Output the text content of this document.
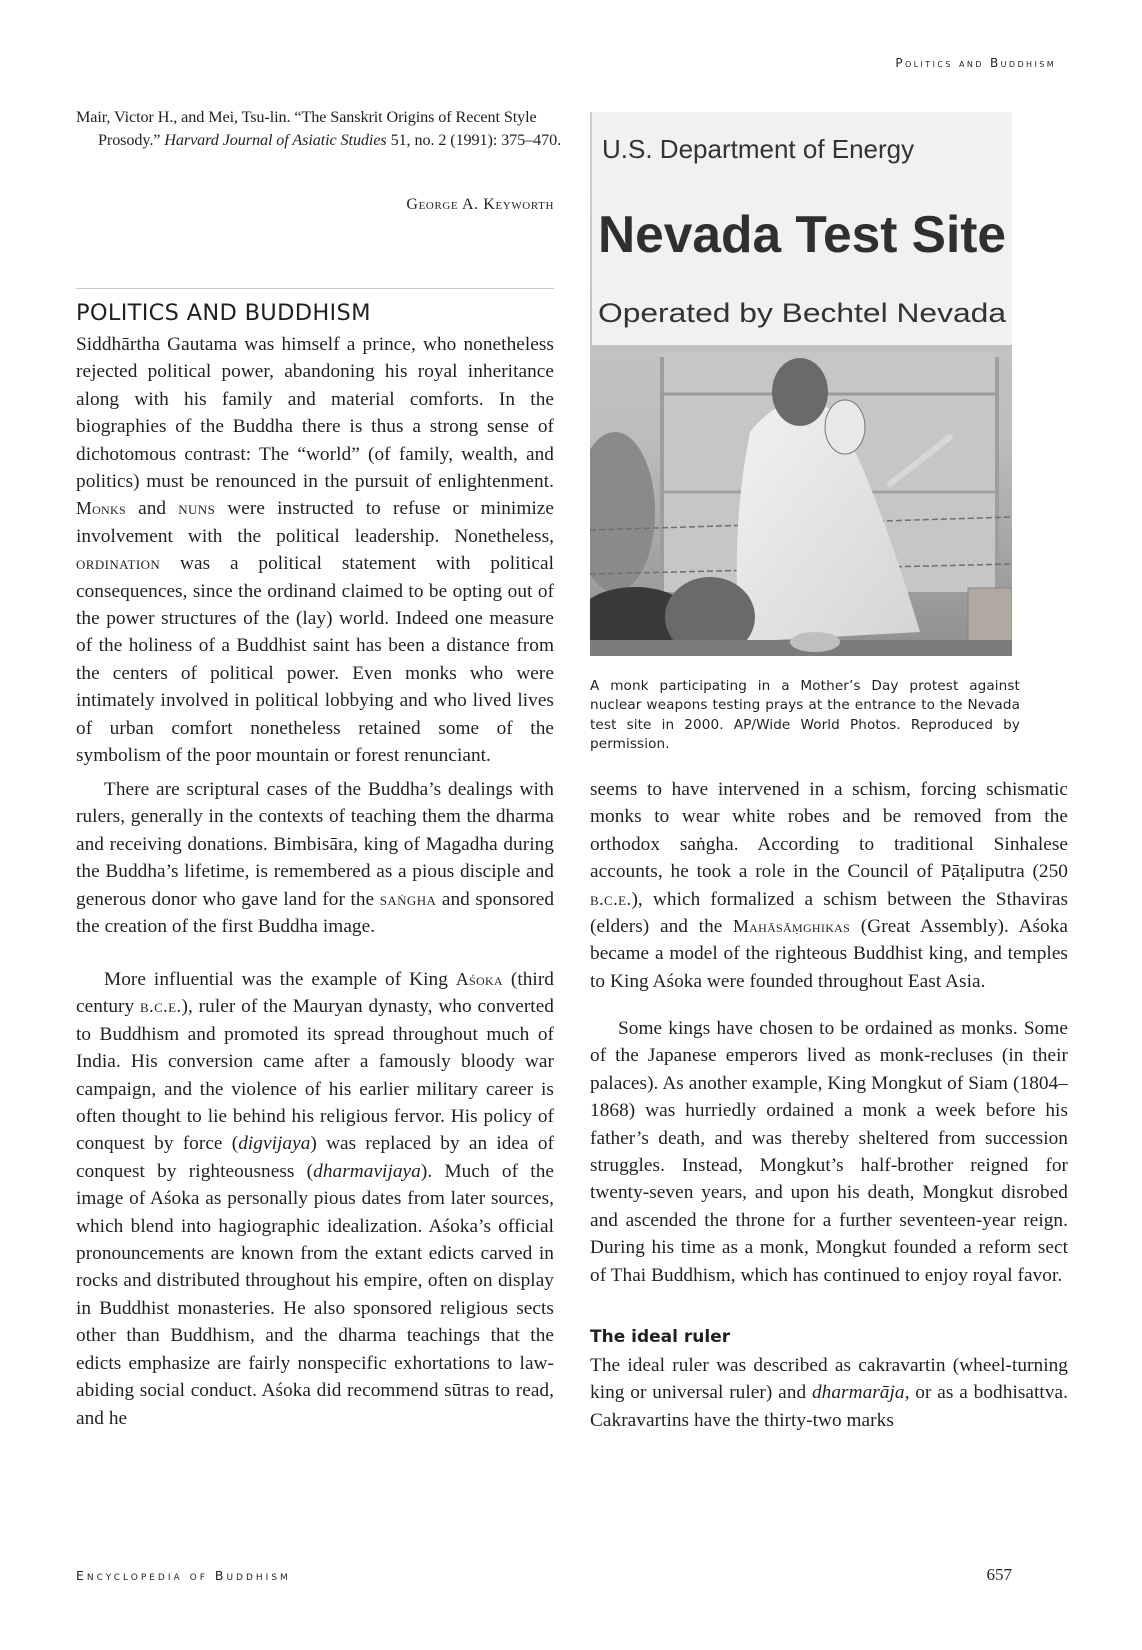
Politics and Buddhism
Mair, Victor H., and Mei, Tsu-lin. “The Sanskrit Origins of Recent Style Prosody.” Harvard Journal of Asiatic Studies 51, no. 2 (1991): 375–470.
George A. Keyworth
POLITICS AND BUDDHISM

Siddhārtha Gautama was himself a prince, who nonetheless rejected political power, abandoning his royal inheritance along with his family and material comforts. In the biographies of the Buddha there is thus a strong sense of dichotomous contrast: The “world” (of family, wealth, and politics) must be renounced in the pursuit of enlightenment. Monks and nuns were instructed to refuse or minimize involvement with the political leadership. Nonetheless, ordination was a political statement with political consequences, since the ordinand claimed to be opting out of the power structures of the (lay) world. Indeed one measure of the holiness of a Buddhist saint has been a distance from the centers of political power. Even monks who were intimately involved in political lobbying and who lived lives of urban comfort nonetheless retained some of the symbolism of the poor mountain or forest renunciant.

There are scriptural cases of the Buddha’s dealings with rulers, generally in the contexts of teaching them the dharma and receiving donations. Bimbisāra, king of Magadha during the Buddha’s lifetime, is remembered as a pious disciple and generous donor who gave land for the saṅgha and sponsored the creation of the first Buddha image.

More influential was the example of King Aśoka (third century b.c.e.), ruler of the Mauryan dynasty, who converted to Buddhism and promoted its spread throughout much of India. His conversion came after a famously bloody war campaign, and the violence of his earlier military career is often thought to lie behind his religious fervor. His policy of conquest by force (digvijaya) was replaced by an idea of conquest by righteousness (dharmavijaya). Much of the image of Aśoka as personally pious dates from later sources, which blend into hagiographic idealization. Aśoka’s official pronouncements are known from the extant edicts carved in rocks and distributed throughout his empire, often on display in Buddhist monasteries. He also sponsored religious sects other than Buddhism, and the dharma teachings that the edicts emphasize are fairly nonspecific exhortations to law-abiding social conduct. Aśoka did recommend sūtras to read, and he

U.S. Department of Energy
Nevada Test Site
Operated by Bechtel Nevada
A monk participating in a Mother’s Day protest against nuclear weapons testing prays at the entrance to the Nevada test site in 2000. AP/Wide World Photos. Reproduced by permission.

seems to have intervened in a schism, forcing schismatic monks to wear white robes and be removed from the orthodox saṅgha. According to traditional Sinhalese accounts, he took a role in the Council of Pāṭaliputra (250 b.c.e.), which formalized a schism between the Sthaviras (elders) and the Mahāsāṃghikas (Great Assembly). Aśoka became a model of the righteous Buddhist king, and temples to King Aśoka were founded throughout East Asia.

Some kings have chosen to be ordained as monks. Some of the Japanese emperors lived as monk-recluses (in their palaces). As another example, King Mongkut of Siam (1804–1868) was hurriedly ordained a monk a week before his father’s death, and was thereby sheltered from succession struggles. Instead, Mongkut’s half-brother reigned for twenty-seven years, and upon his death, Mongkut disrobed and ascended the throne for a further seventeen-year reign. During his time as a monk, Mongkut founded a reform sect of Thai Buddhism, which has continued to enjoy royal favor.

The ideal ruler

The ideal ruler was described as cakravartin (wheel-turning king or universal ruler) and dharmarāja, or as a bodhisattva. Cakravartins have the thirty-two marks

Encyclopedia of Buddhism	657
